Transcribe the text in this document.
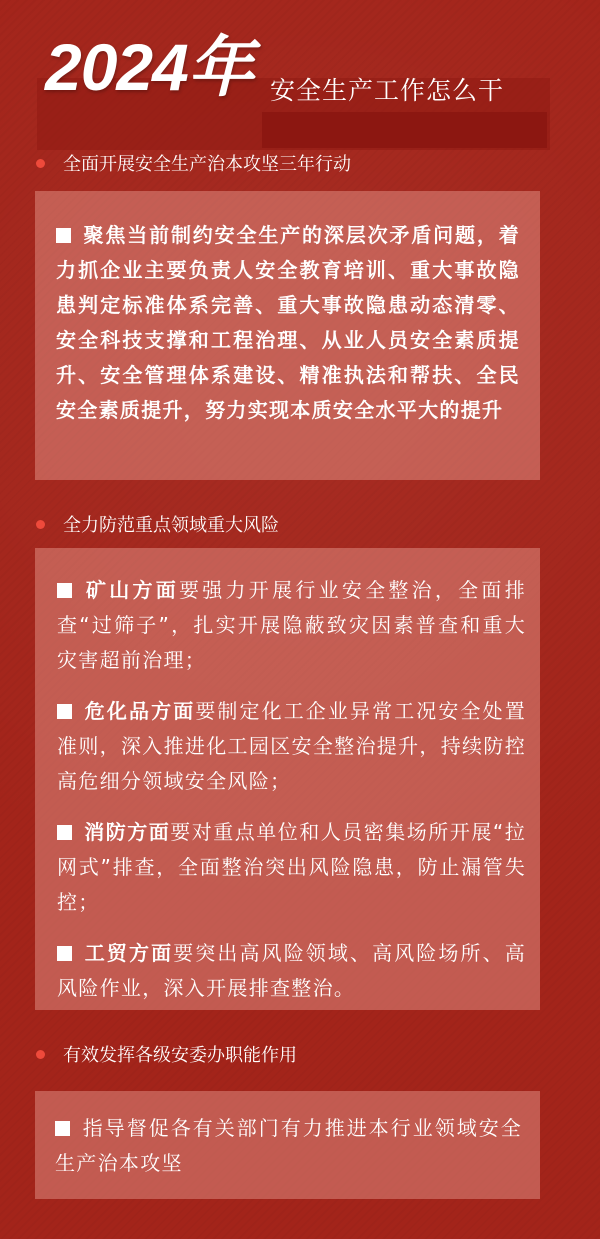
2024年 安全生产工作怎么干
全面开展安全生产治本攻坚三年行动
聚焦当前制约安全生产的深层次矛盾问题，着力抓企业主要负责人安全教育培训、重大事故隐患判定标准体系完善、重大事故隐患动态清零、安全科技支撑和工程治理、从业人员安全素质提升、安全管理体系建设、精准执法和帮扶、全民安全素质提升，努力实现本质安全水平大的提升
全力防范重点领域重大风险
矿山方面要强力开展行业安全整治，全面排查“过筛子”，扎实开展隐蔽致灾因素普查和重大灾害超前治理；
危化品方面要制定化工企业异常工况安全处置准则，深入推进化工园区安全整治提升，持续防控高危细分领域安全风险；
消防方面要对重点单位和人员密集场所开展“拉网式”排查，全面整治突出风险隐患，防止漏管失控；
工贸方面要突出高风险领域、高风险场所、高风险作业，深入开展排查整治。
有效发挥各级安委办职能作用
指导督促各有关部门有力推进本行业领域安全生产治本攻坚
